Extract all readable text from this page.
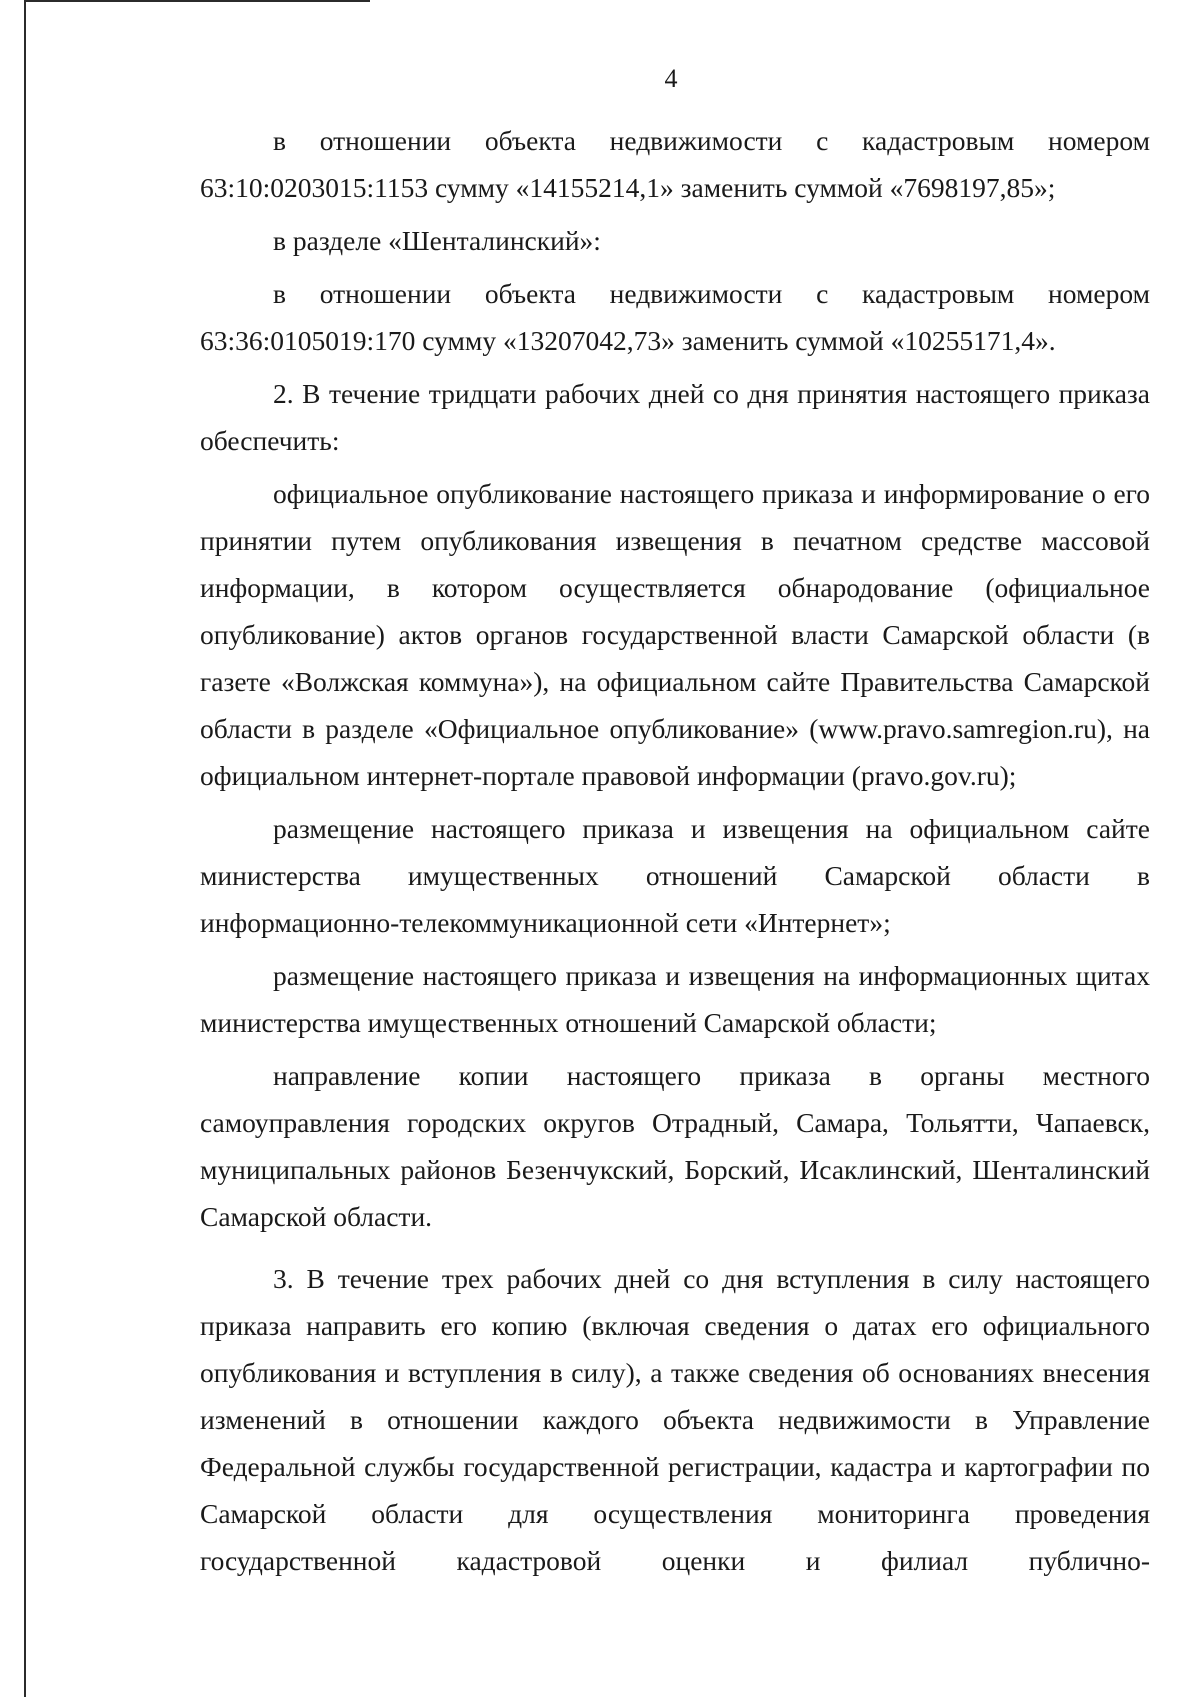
4

в отношении объекта недвижимости с кадастровым номером 63:10:0203015:1153 сумму «14155214,1» заменить суммой «7698197,85»;

в разделе «Шенталинский»:

в отношении объекта недвижимости с кадастровым номером 63:36:0105019:170 сумму «13207042,73» заменить суммой «10255171,4».

2. В течение тридцати рабочих дней со дня принятия настоящего приказа обеспечить:

официальное опубликование настоящего приказа и информирование о его принятии путем опубликования извещения в печатном средстве массовой информации, в котором осуществляется обнародование (официальное опубликование) актов органов государственной власти Самарской области (в газете «Волжская коммуна»), на официальном сайте Правительства Самарской области в разделе «Официальное опубликование» (www.pravo.samregion.ru), на официальном интернет-портале правовой информации (pravo.gov.ru);

размещение настоящего приказа и извещения на официальном сайте министерства имущественных отношений Самарской области в информационно-телекоммуникационной сети «Интернет»;

размещение настоящего приказа и извещения на информационных щитах министерства имущественных отношений Самарской области;

направление копии настоящего приказа в органы местного самоуправления городских округов Отрадный, Самара, Тольятти, Чапаевск, муниципальных районов Безенчукский, Борский, Исаклинский, Шенталинский Самарской области.

3. В течение трех рабочих дней со дня вступления в силу настоящего приказа направить его копию (включая сведения о датах его официального опубликования и вступления в силу), а также сведения об основаниях внесения изменений в отношении каждого объекта недвижимости в Управление Федеральной службы государственной регистрации, кадастра и картографии по Самарской области для осуществления мониторинга проведения государственной кадастровой оценки и филиал публично-
